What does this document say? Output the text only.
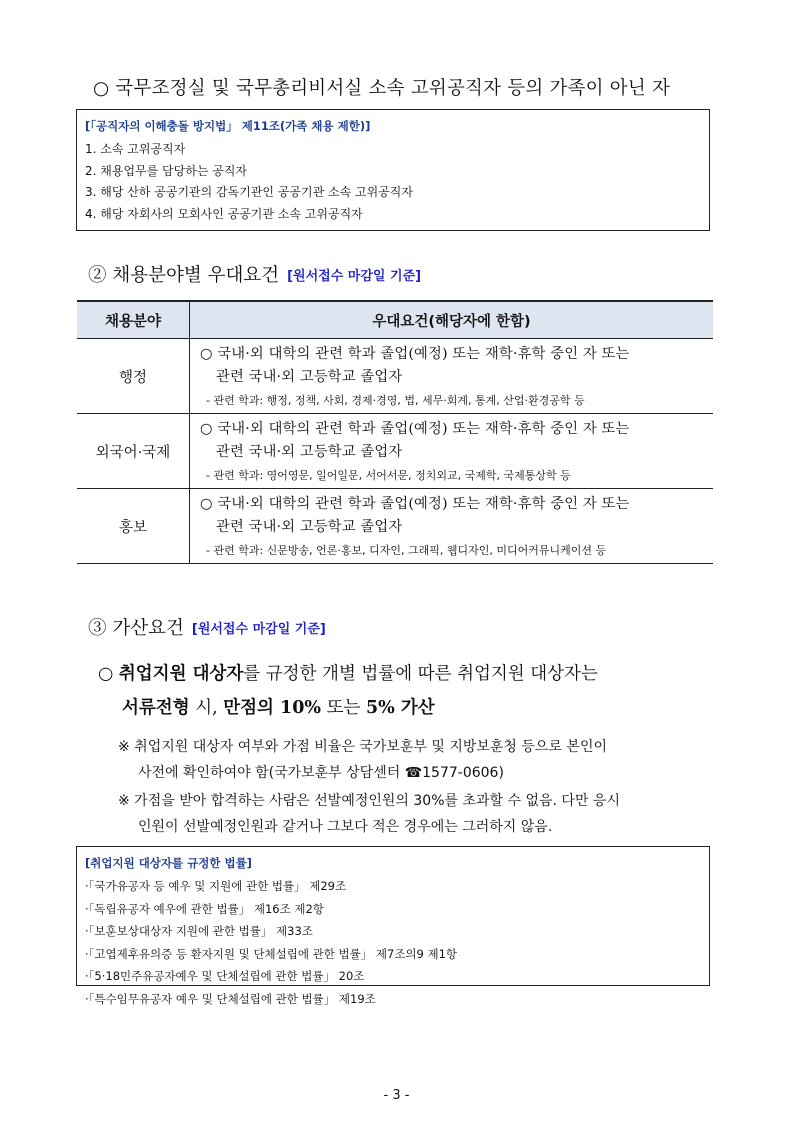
○ 국무조정실 및 국무총리비서실 소속 고위공직자 등의 가족이 아닌 자
[「공직자의 이해충돌 방지법」 제11조(가족 채용 제한)]
1. 소속 고위공직자
2. 채용업무를 담당하는 공직자
3. 해당 산하 공공기관의 감독기관인 공공기관 소속 고위공직자
4. 해당 자회사의 모회사인 공공기관 소속 고위공직자
② 채용분야별 우대요건 [원서접수 마감일 기준]
채용분야	우대요건(해당자에 한함)
행정	○ 국내·외 대학의 관련 학과 졸업(예정) 또는 재학·휴학 중인 자 또는
관련 국내·외 고등학교 졸업자
- 관련 학과: 행정, 정책, 사회, 경제·경영, 법, 세무·회계, 통계, 산업·환경공학 등

외국어·국제	○ 국내·외 대학의 관련 학과 졸업(예정) 또는 재학·휴학 중인 자 또는
관련 국내·외 고등학교 졸업자
- 관련 학과: 영어영문, 일어일문, 서어서문, 정치외교, 국제학, 국제통상학 등

홍보	○ 국내·외 대학의 관련 학과 졸업(예정) 또는 재학·휴학 중인 자 또는
관련 국내·외 고등학교 졸업자
- 관련 학과: 신문방송, 언론·홍보, 디자인, 그래픽, 웹디자인, 미디어커뮤니케이션 등
③ 가산요건 [원서접수 마감일 기준]
○ 취업지원 대상자를 규정한 개별 법률에 따른 취업지원 대상자는
서류전형 시, 만점의 10% 또는 5% 가산
※ 취업지원 대상자 여부와 가점 비율은 국가보훈부 및 지방보훈청 등으로 본인이
사전에 확인하여야 함(국가보훈부 상담센터 ☎1577-0606)
※ 가점을 받아 합격하는 사람은 선발예정인원의 30%를 초과할 수 없음. 다만 응시
인원이 선발예정인원과 같거나 그보다 적은 경우에는 그러하지 않음.
[취업지원 대상자를 규정한 법률]
·「국가유공자 등 예우 및 지원에 관한 법률」 제29조
·「독립유공자 예우에 관한 법률」 제16조 제2항
·「보훈보상대상자 지원에 관한 법률」 제33조
·「고엽제후유의증 등 환자지원 및 단체설립에 관한 법률」 제7조의9 제1항
·「5·18민주유공자예우 및 단체설립에 관한 법률」 20조
·「특수임무유공자 예우 및 단체설립에 관한 법률」 제19조
- 3 -
